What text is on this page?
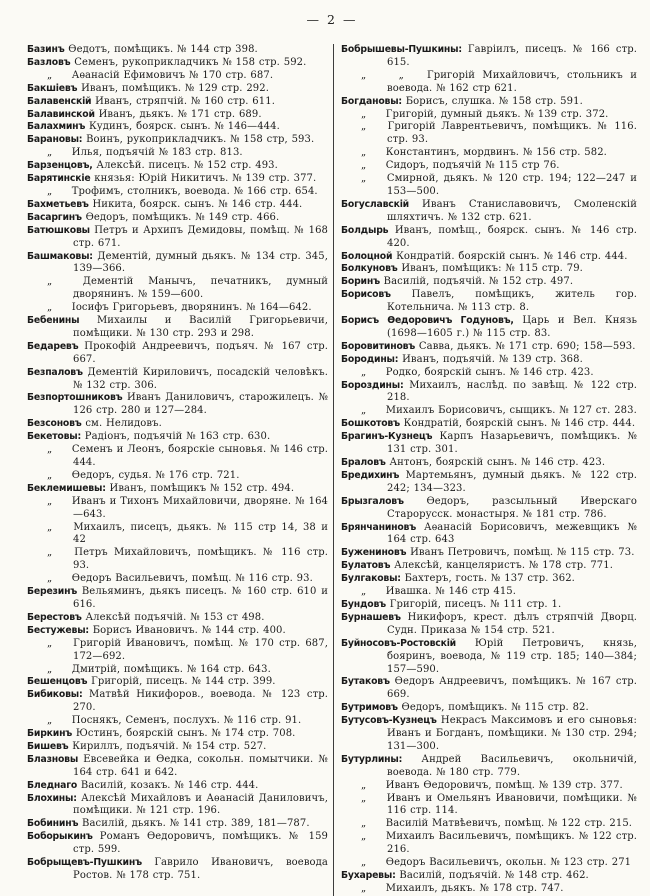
— 2 —
Базинъ Ѳедотъ, помѣщикъ. № 144 стр 398.
Базловъ Семенъ, рукоприкладчикъ № 158 стр. 592.
„ Аѳанасій Ефимовичъ № 170 стр. 687.
Бакшіевъ Иванъ, помѣщикъ. № 129 стр. 292.
Балавенскій Иванъ, стряпчій. № 160 стр. 611.
Балавинской Иванъ, дьякъ. № 171 стр. 689.
Балахминъ Кудинъ, боярск. сынъ. № 146—444.
Барановы: Воинъ, рукоприкладчикъ. № 158 стр, 593.
„ Илья, подъячій № 183 стр. 813.
Барзенцовъ, Алексѣй. писецъ. № 152 стр. 493.
Барятинскіе князья: Юрій Никитичъ. № 139 стр. 377.
„ Трофимъ, столникъ, воевода. № 166 стр. 654.
Бахметьевъ Никита, боярск. сынъ. № 146 стр. 444.
Басаргинъ Ѳедоръ, помѣщикъ. № 149 стр. 466.
Батюшковы Петръ и Архипъ Демидовы, помѣщ. № 168 стр. 671.
Башмаковы: Дементій, думный дьякъ. № 134 стр. 345, 139—366.
„	Дементій Манычъ, печатникъ, думный дворянинъ. № 159—600.
„ Іосифъ Григорьевъ, дворянинъ. № 164—642.
Бебенины Михаилы и Василій Григорьевичи, помѣщики. № 130 стр. 293 и 298.
Бедаревъ Прокофій Андреевичъ, подъяч. № 167 стр. 667.
Безпаловъ Дементій Кириловичъ, посадскій человѣкъ. № 132 стр. 306.
Безпортошниковъ Иванъ Даниловичъ, старожилецъ. № 126 стр. 280 и 127—284.
Безсоновъ см. Нелидовъ.
Бекетовы: Радіонъ, подъячій № 163 стр. 630.
„ Семенъ и Леонъ, боярскіе сыновья. № 146 стр. 444.
„ Ѳедоръ, судья. № 176 стр. 721.
Беклемишевы: Иванъ, помѣщикъ № 152 стр. 494.
„ Иванъ и Тихонъ Михайловичи, дворяне. № 164—643.
„ Михаилъ, писецъ, дьякъ. № 115 стр 14, 38 и 42
„ Петръ Михайловичъ, помѣщикъ. № 116 стр. 93.
„ Ѳедоръ Васильевичъ, помѣщ. № 116 стр. 93.
Березинъ Вельяминъ, дьякъ писецъ. № 160 стр. 610 и 616.
Берестовъ Алексѣй подъячій. № 153 ст 498.
Бестужевы: Борисъ Ивановичъ. № 144 стр. 400.
„ Григорій Ивановичъ, помѣщ. № 170 стр. 687, 172—692.
„ Дмитрій, помѣщикъ. № 164 стр. 643.
Бешенцовъ Григорій, писецъ. № 144 стр. 399.
Бибиковы: Матвѣй Никифоров., воевода. № 123 стр. 270.
„ Поснякъ, Семенъ, послухъ. № 116 стр. 91.
Биркинъ Юстинъ, боярскій сынъ. № 174 стр. 708.
Бишевъ Кириллъ, подъячій. № 154 стр. 527.
Блазновы Евсевейка и Ѳедка, сокольн. помытчики. № 164 стр. 641 и 642.
Бледнаго Василій, козакъ. № 146 стр. 444.
Блохины: Алексѣй Михайловъ и Аѳанасій Даниловичъ, помѣщики. № 121 стр. 196.
Бобининъ Василій, дьякъ. № 141 стр. 389, 181—787.
Боборыкинъ Романъ Ѳедоровичъ, помѣщикъ. № 159 стр. 599.
Бобрыщевъ-Пушкинъ Гаврило Ивановичъ, воевода Ростов. № 178 стр. 751.
Бобрышевы-Пушкины: Гавріилъ, писецъ. № 166 стр. 615.
„ „ Григорій Михайловичъ, стольникъ и воевода. № 162 стр 621.
Богдановы: Борисъ, слушка. № 158 стр. 591.
„ Григорій, думный дьякъ. № 139 стр. 372.
„ Григорій Лаврентьевичъ, помѣщикъ. № 116. стр. 93.
„ Константинъ, мордвинъ. № 156 стр. 582.
„ Сидоръ, подъячій № 115 стр 76.
„ Смирной, дьякъ. № 120 стр. 194; 122—247 и 153—500.
Богуславскій Иванъ Станиславовичъ, Смоленскій шляхтичъ. № 132 стр. 621.
Болдырь Иванъ, помѣщ., боярск. сынъ. № 146 стр. 420.
Болоцной Кондратій. боярскій сынъ. № 146 стр. 444.
Болкуновъ Иванъ, помѣщикъ: № 115 стр. 79.
Боринъ Василій, подъячій. № 152 стр. 497.
Борисовъ Павелъ, помѣщикъ, житель гор. Котельнича. № 113 стр. 8.
Борисъ Ѳедоровичъ Годуновъ, Царь и Вел. Князь (1698—1605 г.) № 115 стр. 83.
Боровитиновъ Савва, дьякъ. № 171 стр. 690; 158—593.
Бородины: Иванъ, подъячій. № 139 стр. 368.
„ Родко, боярскій сынъ. № 146 стр. 423.
Бороздины: Михаилъ, наслѣд. по завѣщ. № 122 стр. 218.
„ Михаилъ Борисовичъ, сыщикъ. № 127 ст. 283.
Бошкотовъ Кондратій, боярскій сынъ. № 146 стр. 444.
Брагинъ-Кузнецъ Карпъ Назарьевичъ, помѣщикъ. № 131 стр. 301.
Браловъ Антонъ, боярскій сынъ. № 146 стр. 423.
Бредихинъ Мартемьянъ, думный дьякъ. № 122 стр. 242; 134—323.
Брызгаловъ Ѳедоръ, разсыльный Иверскаго Старорусск. монастыря. № 181 стр. 786.
Брянчаниновъ Аѳанасій Борисовичъ, межевщикъ № 164 стр. 643
Бужениновъ Иванъ Петровичъ, помѣщ. № 115 стр. 73.
Булатовъ Алексѣй, канцеляристъ. № 178 стр. 771.
Булгаковы: Бахтеръ, гость. № 137 стр. 362.
„ Ивашка. № 146 стр 415.
Бундовъ Григорій, писецъ. № 111 стр. 1.
Бурнашевъ Никифоръ, крест. дѣлъ стряпчій Дворц. Судн. Приказа № 154 стр. 521.
Буйносовъ-Ростовскій Юрій Петровичъ, князь, бояринъ, воевода, № 119 стр. 185; 140—384; 157—590.
Бутаковъ Ѳедоръ Андреевичъ, помѣщикъ. № 167 стр. 669.
Бутримовъ Ѳедоръ, помѣщикъ. № 115 стр. 82.
Бутусовъ-Кузнецъ Некрасъ Максимовъ и его сыновья: Иванъ и Богданъ, помѣщики. № 130 стр. 294; 131—300.
Бутурлины: Андрей Васильевичъ, окольничій, воевода. № 180 стр. 779.
„ Иванъ Ѳедоровичъ, помѣщ. № 139 стр. 377.
„ Иванъ и Омельянъ Ивановичи, помѣщики. № 116 стр. 114.
„ Василій Матвѣевичъ, помѣщ. № 122 стр. 215.
„ Михаилъ Васильевичъ, помѣщикъ. № 122 стр. 216.
„ Ѳедоръ Васильевичъ, окольн. № 123 стр. 271
Бухаревы: Василій, подъячій. № 148 стр. 462.
„ Михаилъ, дьякъ. № 178 стр. 747.
